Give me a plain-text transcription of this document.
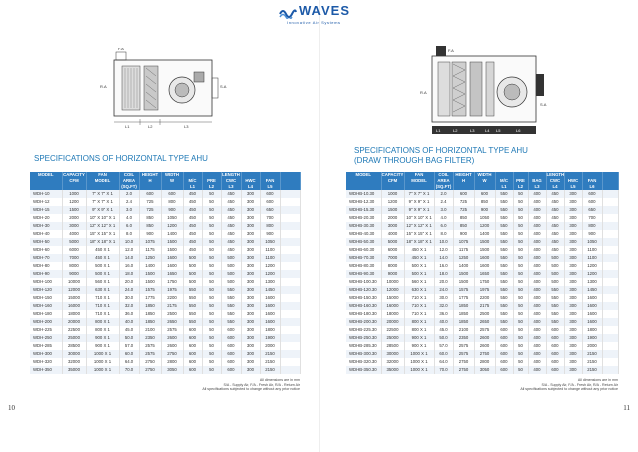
WAVES
Innovative Air Systems
F.A
R.A	S.A
L1	L2	L3
L1	L2	L3	L4 L5	L6
F.A
R.A
S.A
SPECIFICATIONS OF HORIZONTAL TYPE AHU
SPECIFICATIONS OF HORIZONTAL TYPE AHU
(DRAW THROUGH BAG FILTER)
MODEL	CAPACITY	FAN	COIL	HEIGHT	WIDTH			LENGTH			
	CFM	MODEL	AREA	H	W	M/C	PRE	CWC	HWC	FAN	
			(SQ.FT)			L1	L2	L3	L4	L5	
WDH-10	1000	7" X 7" X 1	2.0	600	600	450	50	450	300	600	
WDH-12	1200	7" X 7" X 1	2.4	725	800	450	50	450	300	600	
WDH-15	1500	9" X 9" X 1	3.0	725	900	450	50	450	300	650	
WDH-20	2000	10" X 10" X 1	4.0	850	1050	450	50	450	300	700	
WDH-30	3000	12" X 12" X 1	6.0	850	1200	450	50	450	300	800	
WDH-40	4000	15" X 15" X 1	8.0	900	1400	450	50	450	300	900	
WDH-50	5000	18" X 18" X 1	10.0	1075	1500	450	50	450	300	1050	
WDH-60	6000	450 X 1	12.0	1175	1500	450	50	450	300	1100	
WDH-70	7000	450 X 1	14.0	1250	1600	500	50	500	300	1100	
WDH-80	8000	500 X 1	16.0	1400	1600	500	50	500	300	1200	
WDH-90	9000	500 X 1	18.0	1500	1650	500	50	500	300	1200	
WDH-100	10000	560 X 1	20.0	1500	1750	500	50	500	300	1300	
WDH-120	12000	630 X 1	24.0	1575	1975	550	50	550	300	1450	
WDH-150	15000	710 X 1	30.0	1775	2200	550	50	550	300	1600	
WDH-160	16000	710 X 1	32.0	1850	2175	550	50	550	300	1600	
WDH-180	18000	710 X 1	36.0	1850	2500	550	50	550	300	1600	
WDH-200	20000	800 X 1	40.0	1850	2650	550	50	550	300	1600	
WDH-225	22500	800 X 1	45.0	2100	2575	600	50	600	300	1800	
WDH-250	25000	900 X 1	50.0	2350	2600	600	50	600	300	1900	
WDH-285	28500	900 X 1	57.0	2575	2600	600	50	600	300	2000	
WDH-300	30000	1000 X 1	60.0	2575	2750	600	50	600	300	2150	
WDH-320	32000	1000 X 1	64.0	2750	2800	600	50	600	300	2150	
WDH-350	35000	1000 X 1	70.0	2750	3050	600	50	600	300	2150	
MODEL	CAPACITY	FAN	COIL	HEIGHT	WIDTH				LENGTH			
	CFM	MODEL	AREA	H	W	M/C	PRE	BAG	CWC	HWC	FAN	
			(SQ.FT)			L1	L2	L3	L4	L5	L6	
WDHB-10.30	1000	7" X 7" X 1	2.0	600	600	550	50	400	450	300	600	
WDHB-12.30	1200	9" X 9" X 1	2.4	725	850	550	50	400	450	300	600	
WDHB-15.30	1500	9" X 9" X 1	3.0	725	900	550	50	400	450	300	650	
WDHB-20.30	2000	10" X 10" X 1	4.0	850	1050	550	50	400	450	300	700	
WDHB-30.30	3000	12" X 12" X 1	6.0	850	1200	550	50	400	450	300	800	
WDHB-40.30	4000	15" X 15" X 1	8.0	900	1400	550	50	400	450	300	900	
WDHB-50.30	5000	18" X 18" X 1	10.0	1075	1500	550	50	400	450	300	1050	
WDHB-60.30	6000	450 X 1	12.0	1175	1500	550	50	400	450	300	1100	
WDHB-70.30	7000	450 X 1	14.0	1250	1600	550	50	400	500	300	1100	
WDHB-80.30	8000	500 X 1	16.0	1400	1600	550	50	400	500	300	1200	
WDHB-90.30	9000	500 X 1	18.0	1500	1650	550	50	400	500	300	1200	
WDHB-100.30	10000	560 X 1	20.0	1500	1750	550	50	400	500	300	1300	
WDHB-120.30	12000	630 X 1	24.0	1575	1975	550	50	400	550	300	1450	
WDHB-150.30	15000	710 X 1	30.0	1775	2200	550	50	400	550	300	1600	
WDHB-160.30	16000	710 X 1	32.0	1850	2175	550	50	400	550	300	1600	
WDHB-180.30	18000	710 X 1	36.0	1850	2500	550	50	400	550	300	1600	
WDHB-200.30	20000	800 X 1	40.0	1850	2650	550	50	400	550	300	1600	
WDHB-225.30	22500	800 X 1	45.0	2100	2575	600	50	400	600	300	1800	
WDHB-250.30	25000	900 X 1	50.0	2350	2600	600	50	400	600	300	1900	
WDHB-285.30	28500	900 X 1	57.0	2575	2600	600	50	400	600	300	2000	
WDHB-300.30	30000	1000 X 1	60.0	2575	2750	600	50	400	600	300	2150	
WDHB-320.30	32000	1000 X 1	64.0	2750	2800	600	50	400	600	300	2150	
WDHB-350.30	35000	1000 X 1	70.0	2750	3050	600	50	400	600	300	2150	
All dimensions are in mm
S/A - Supply Air, F/A - Fresh Air, R/A - Return Air
All specifications subjected to change without any prior notice
All dimensions are in mm
S/A - Supply Air, F/A - Fresh Air, R/A - Return Air
All specifications subjected to change without any prior notice
10	11
